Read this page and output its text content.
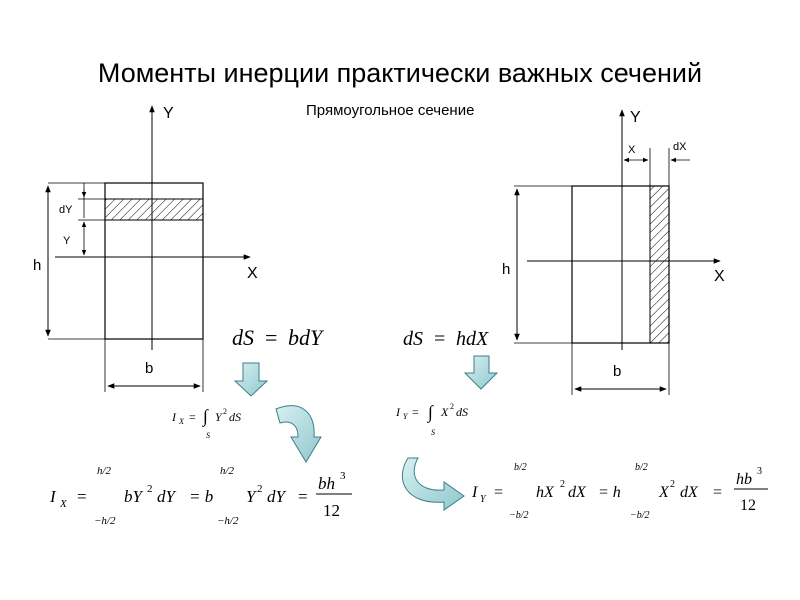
Моменты инерции практически важных сечений
Прямоугольное сечение
Y
X
h
dY
Y
b
dS = bdY
I X = ∫
S
Y 2 dS
I X =
h/2
−h/2
bY 2 dY = b
h/2
−h/2
Y 2 dY =
bh 3
12
Y
X
h
X	dX
b
dS = hdX
I Y = ∫
S
X 2 dS
I Y =
b/2
−b/2
hX 2 dX = h
b/2
−b/2
X 2 dX =
hb 3
12
